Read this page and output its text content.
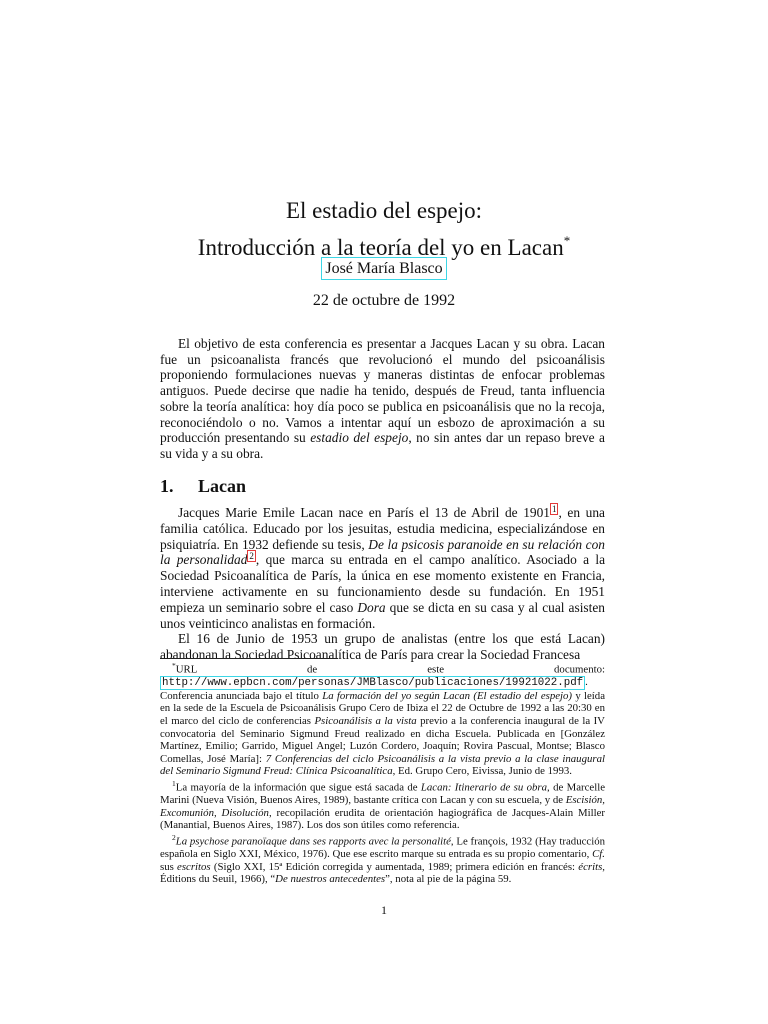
El estadio del espejo:
Introducción a la teoría del yo en Lacan*
José María Blasco
22 de octubre de 1992
El objetivo de esta conferencia es presentar a Jacques Lacan y su obra. Lacan fue un psicoanalista francés que revolucionó el mundo del psicoanálisis proponiendo formulaciones nuevas y maneras distintas de enfocar problemas antiguos. Puede decirse que nadie ha tenido, después de Freud, tanta influencia sobre la teoría analítica: hoy día poco se publica en psicoanálisis que no la recoja, reconociéndolo o no. Vamos a intentar aquí un esbozo de aproximación a su producción presentando su estadio del espejo, no sin antes dar un repaso breve a su vida y a su obra.
1. Lacan

Jacques Marie Emile Lacan nace en París el 13 de Abril de 1901 $^1$ , en una familia católica. Educado por los jesuitas, estudia medicina, especializándose en psiquiatría. En 1932 defiende su tesis, De la psicosis paranoide en su relación con la personalidad $^2$ , que marca su entrada en el campo analítico. Asociado a la Sociedad Psicoanalítica de París, la única en ese momento existente en Francia, interviene activamente en su funcionamiento desde su fundación. En 1951 empieza un seminario sobre el caso Dora que se dicta en su casa y al cual asisten unos veinticinco analistas en formación.

El 16 de Junio de 1953 un grupo de analistas (entre los que está Lacan) abandonan la Sociedad Psicoanalítica de París para crear la Sociedad Francesa

*URL de este documento: http://www.epbcn.com/personas/JMBlasco/publicaciones/19921022.pdf . Conferencia anunciada bajo el título La formación del yo según Lacan (El estadio del espejo) y leída en la sede de la Escuela de Psicoanálisis Grupo Cero de Ibiza el 22 de Octubre de 1992 a las 20:30 en el marco del ciclo de conferencias Psicoanálisis a la vista previo a la conferencia inaugural de la IV convocatoria del Seminario Sigmund Freud realizado en dicha Escuela. Publicada en [González Martínez, Emilio; Garrido, Miguel Angel; Luzón Cordero, Joaquín; Rovira Pascual, Montse; Blasco Comellas, José María]: 7 Conferencias del ciclo Psicoanálisis a la vista previo a la clase inaugural del Seminario Sigmund Freud: Clínica Psicoanalítica, Ed. Grupo Cero, Eivissa, Junio de 1993.

$^1$La mayoría de la información que sigue está sacada de Lacan: Itinerario de su obra, de Marcelle Marini (Nueva Visión, Buenos Aires, 1989), bastante crítica con Lacan y con su escuela, y de Escisión, Excomunión, Disolución, recopilación erudita de orientación hagiográfica de Jacques-Alain Miller (Manantial, Buenos Aires, 1987). Los dos son útiles como referencia.

$^2$La psychose paranoïaque dans ses rapports avec la personalité, Le françois, 1932 (Hay traducción española en Siglo XXI, México, 1976). Que ese escrito marque su entrada es su propio comentario, Cf. sus escritos (Siglo XXI, 15ª Edición corregida y aumentada, 1989; primera edición en francés: écrits, Éditions du Seuil, 1966), “De nuestros antecedentes”, nota al pie de la página 59.

1
